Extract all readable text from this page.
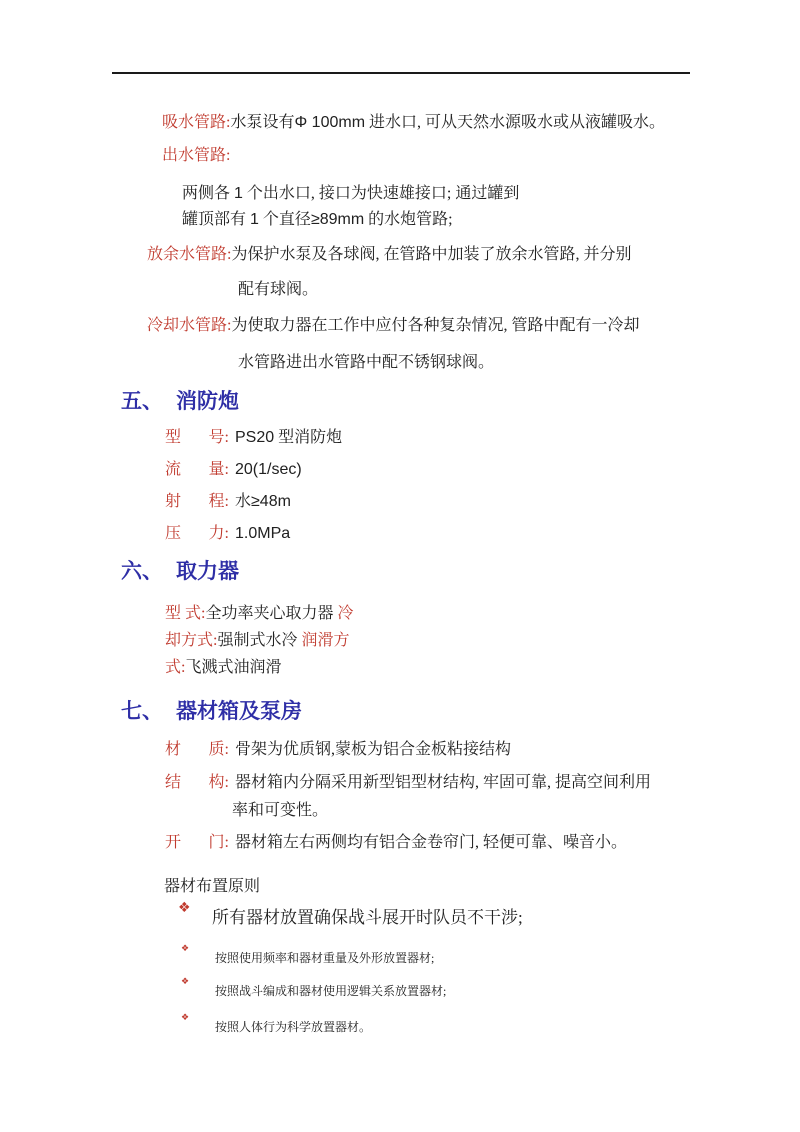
吸水管路:水泵设有Φ 100mm 进水口, 可从天然水源吸水或从液罐吸水。
出水管路:
两侧各 1 个出水口, 接口为快速雄接口; 通过罐到
罐顶部有 1 个直径≥89mm 的水炮管路;
放余水管路:为保护水泵及各球阀, 在管路中加装了放余水管路, 并分别
配有球阀。
冷却水管路:为使取力器在工作中应付各种复杂情况, 管路中配有一冷却
水管路进出水管路中配不锈钢球阀。
五、 消防炮
型 号: PS20 型消防炮
流 量: 20(1/sec)
射 程: 水≥48m
压 力: 1.0MPa
六、 取力器
型 式:全功率夹心取力器 冷
却方式:强制式水冷 润滑方
式:飞溅式油润滑
七、 器材箱及泵房
材 质: 骨架为优质钢,蒙板为铝合金板粘接结构
结 构: 器材箱内分隔采用新型铝型材结构, 牢固可靠, 提高空间利用
率和可变性。
开 门: 器材箱左右两侧均有铝合金卷帘门, 轻便可靠、噪音小。
器材布置原则
❖ 所有器材放置确保战斗展开时队员不干涉;
❖
按照使用频率和器材重量及外形放置器材;
❖
按照战斗编成和器材使用逻辑关系放置器材;
❖
按照人体行为科学放置器材。
